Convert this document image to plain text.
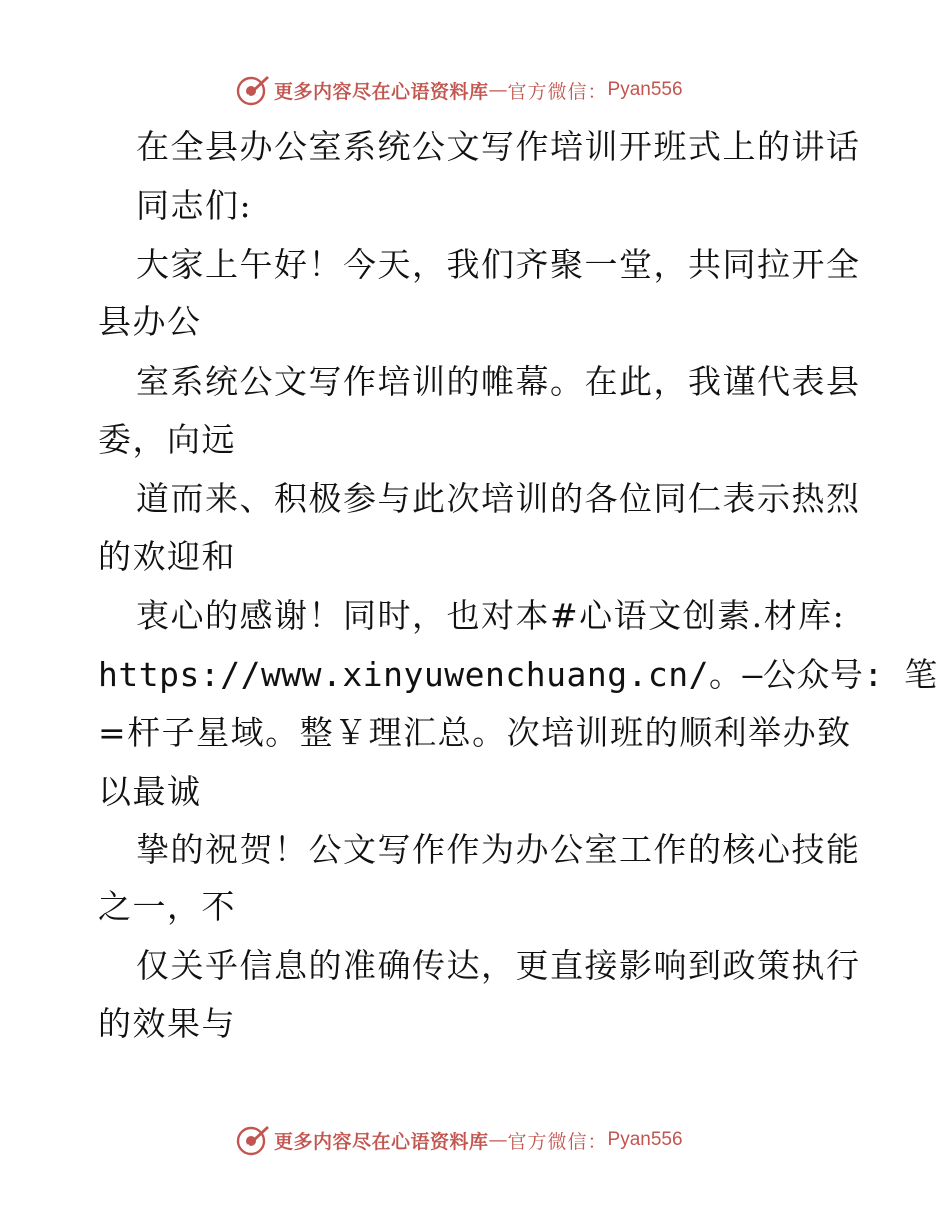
更多内容尽在心语资料库 — 官方微信： Pyan556
在全县办公室系统公文写作培训开班式上的讲话
同志们:
大家上午好！今天，我们齐聚一堂，共同拉开全
县办公
室系统公文写作培训的帷幕。在此，我谨代表县
委，向远
道而来、积极参与此次培训的各位同仁表示热烈
的欢迎和
衷心的感谢！同时，也对本#心语文创素.材库:
https://www.xinyuwenchuang.cn/。—公众号: 笔
=杆子星域。整￥理汇总。次培训班的顺利举办致
以最诚
挚的祝贺！公文写作作为办公室工作的核心技能
之一，不
仅关乎信息的准确传达，更直接影响到政策执行
的效果与
更多内容尽在心语资料库 — 官方微信： Pyan556
